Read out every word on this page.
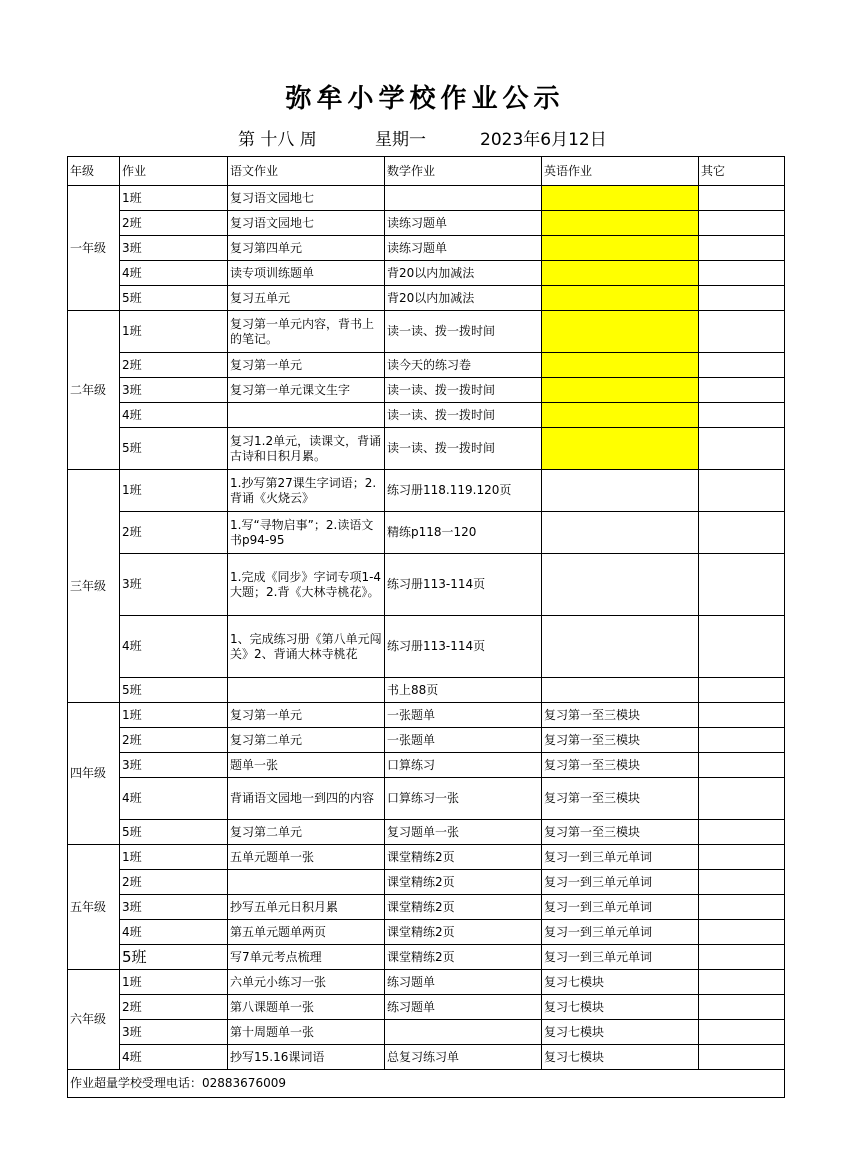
弥牟小学校作业公示
第 十八 周	星期一	2023年6月12日
年级	作业	语文作业	数学作业	英语作业	其它
一年级	1班	复习语文园地七			
	2班	复习语文园地七	读练习题单		
	3班	复习第四单元	读练习题单		
	4班	读专项训练题单	背20以内加减法		
	5班	复习五单元	背20以内加减法		
二年级	1班	复习第一单元内容，背书上的笔记。	读一读、拨一拨时间		
	2班	复习第一单元	读今天的练习卷		
	3班	复习第一单元课文生字	读一读、拨一拨时间		
	4班		读一读、拨一拨时间		
	5班	复习1.2单元，读课文，背诵古诗和日积月累。	读一读、拨一拨时间		
三年级	1班	1.抄写第27课生字词语；2.背诵《火烧云》	练习册118.119.120页		
	2班	1.写“寻物启事”；2.读语文书p94-95	精练p118一120		
	3班	1.完成《同步》字词专项1-4大题；2.背《大林寺桃花》。	练习册113-114页		
	4班	1、完成练习册《第八单元闯关》2、背诵大林寺桃花	练习册113-114页		
	5班		书上88页		
四年级	1班	复习第一单元	一张题单	复习第一至三模块	
	2班	复习第二单元	一张题单	复习第一至三模块	
	3班	题单一张	口算练习	复习第一至三模块	
	4班	背诵语文园地一到四的内容	口算练习一张	复习第一至三模块	
	5班	复习第二单元	复习题单一张	复习第一至三模块	
五年级	1班	五单元题单一张	课堂精练2页	复习一到三单元单词	
	2班		课堂精练2页	复习一到三单元单词	
	3班	抄写五单元日积月累	课堂精练2页	复习一到三单元单词	
	4班	第五单元题单两页	课堂精练2页	复习一到三单元单词	
	5班	写7单元考点梳理	课堂精练2页	复习一到三单元单词	
六年级	1班	六单元小练习一张	练习题单	复习七模块	
	2班	第八课题单一张	练习题单	复习七模块	
	3班	第十周题单一张		复习七模块	
	4班	抄写15.16课词语	总复习练习单	复习七模块	
作业超量学校受理电话：02883676009					
